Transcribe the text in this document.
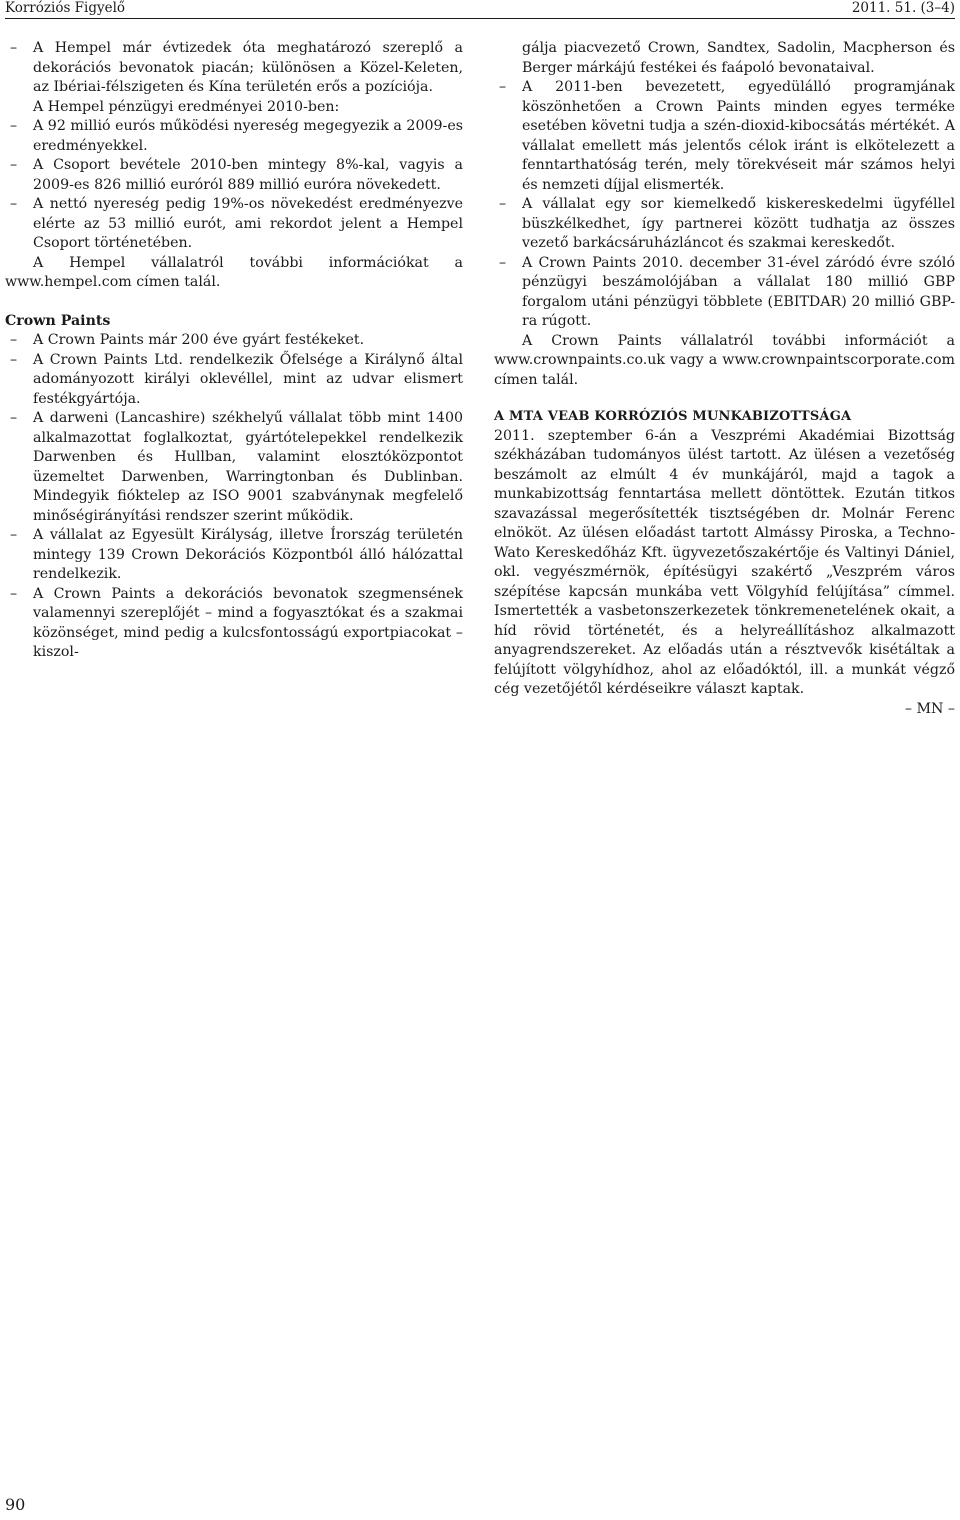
Korróziós Figyelő	2011. 51. (3–4)

– A Hempel már évtizedek óta meghatározó szereplő a dekorációs bevonatok piacán; különösen a Közel-Keleten, az Ibériai-félszigeten és Kína területén erős a pozíciója.

A Hempel pénzügyi eredményei 2010-ben:

– A 92 millió eurós működési nyereség megegyezik a 2009-es eredményekkel.

– A Csoport bevétele 2010-ben mintegy 8%-kal, vagyis a 2009-es 826 millió euróról 889 millió euróra növekedett.

– A nettó nyereség pedig 19%-os növekedést eredményezve elérte az 53 millió eurót, ami rekordot jelent a Hempel Csoport történetében.

A Hempel vállalatról további információkat a www.hempel.com címen talál.

Crown Paints

– A Crown Paints már 200 éve gyárt festékeket.

– A Crown Paints Ltd. rendelkezik Őfelsége a Királynő által adományozott királyi oklevéllel, mint az udvar elismert festékgyártója.

– A darweni (Lancashire) székhelyű vállalat több mint 1400 alkalmazottat foglalkoztat, gyártótelepekkel rendelkezik Darwenben és Hullban, valamint elosztóközpontot üzemeltet Darwenben, Warringtonban és Dublinban. Mindegyik fióktelep az ISO 9001 szabványnak megfelelő minőségirányítási rendszer szerint működik.

– A vállalat az Egyesült Királyság, illetve Írország területén mintegy 139 Crown Dekorációs Központból álló hálózattal rendelkezik.

– A Crown Paints a dekorációs bevonatok szegmensének valamennyi szereplőjét – mind a fogyasztókat és a szakmai közönséget, mind pedig a kulcsfontosságú exportpiacokat – kiszol-

gálja piacvezető Crown, Sandtex, Sadolin, Macpherson és Berger márkájú festékei és faápoló bevonataival.

– A 2011-ben bevezetett, egyedülálló programjának köszönhetően a Crown Paints minden egyes terméke esetében követni tudja a szén-dioxid-kibocsátás mértékét. A vállalat emellett más jelentős célok iránt is elkötelezett a fenntarthatóság terén, mely törekvéseit már számos helyi és nemzeti díjjal elismerték.

– A vállalat egy sor kiemelkedő kiskereskedelmi ügyféllel büszkélkedhet, így partnerei között tudhatja az összes vezető barkácsáruházláncot és szakmai kereskedőt.

– A Crown Paints 2010. december 31-ével záródó évre szóló pénzügyi beszámolójában a vállalat 180 millió GBP forgalom utáni pénzügyi többlete (EBITDAR) 20 millió GBP-ra rúgott.

A Crown Paints vállalatról további információt a www.crownpaints.co.uk vagy a www.crownpaintscorporate.com címen talál.

A MTA VEAB KORRÓZIÓS MUNKABIZOTTSÁGA

2011. szeptember 6-án a Veszprémi Akadémiai Bizottság székházában tudományos ülést tartott. Az ülésen a vezetőség beszámolt az elmúlt 4 év munkájáról, majd a tagok a munkabizottság fenntartása mellett döntöttek. Ezután titkos szavazással megerősítették tisztségében dr. Molnár Ferenc elnököt. Az ülésen előadást tartott Almássy Piroska, a Techno-Wato Kereskedőház Kft. ügyvezetőszakértője és Valtinyi Dániel, okl. vegyészmérnök, építésügyi szakértő „Veszprém város szépítése kapcsán munkába vett Völgyhíd felújítása” címmel. Ismertették a vasbetonszerkezetek tönkremenetelének okait, a híd rövid történetét, és a helyreállításhoz alkalmazott anyagrendszereket. Az előadás után a résztvevők kisétáltak a felújított völgyhídhoz, ahol az előadóktól, ill. a munkát végző cég vezetőjétől kérdéseikre választ kaptak.

– MN –

90
